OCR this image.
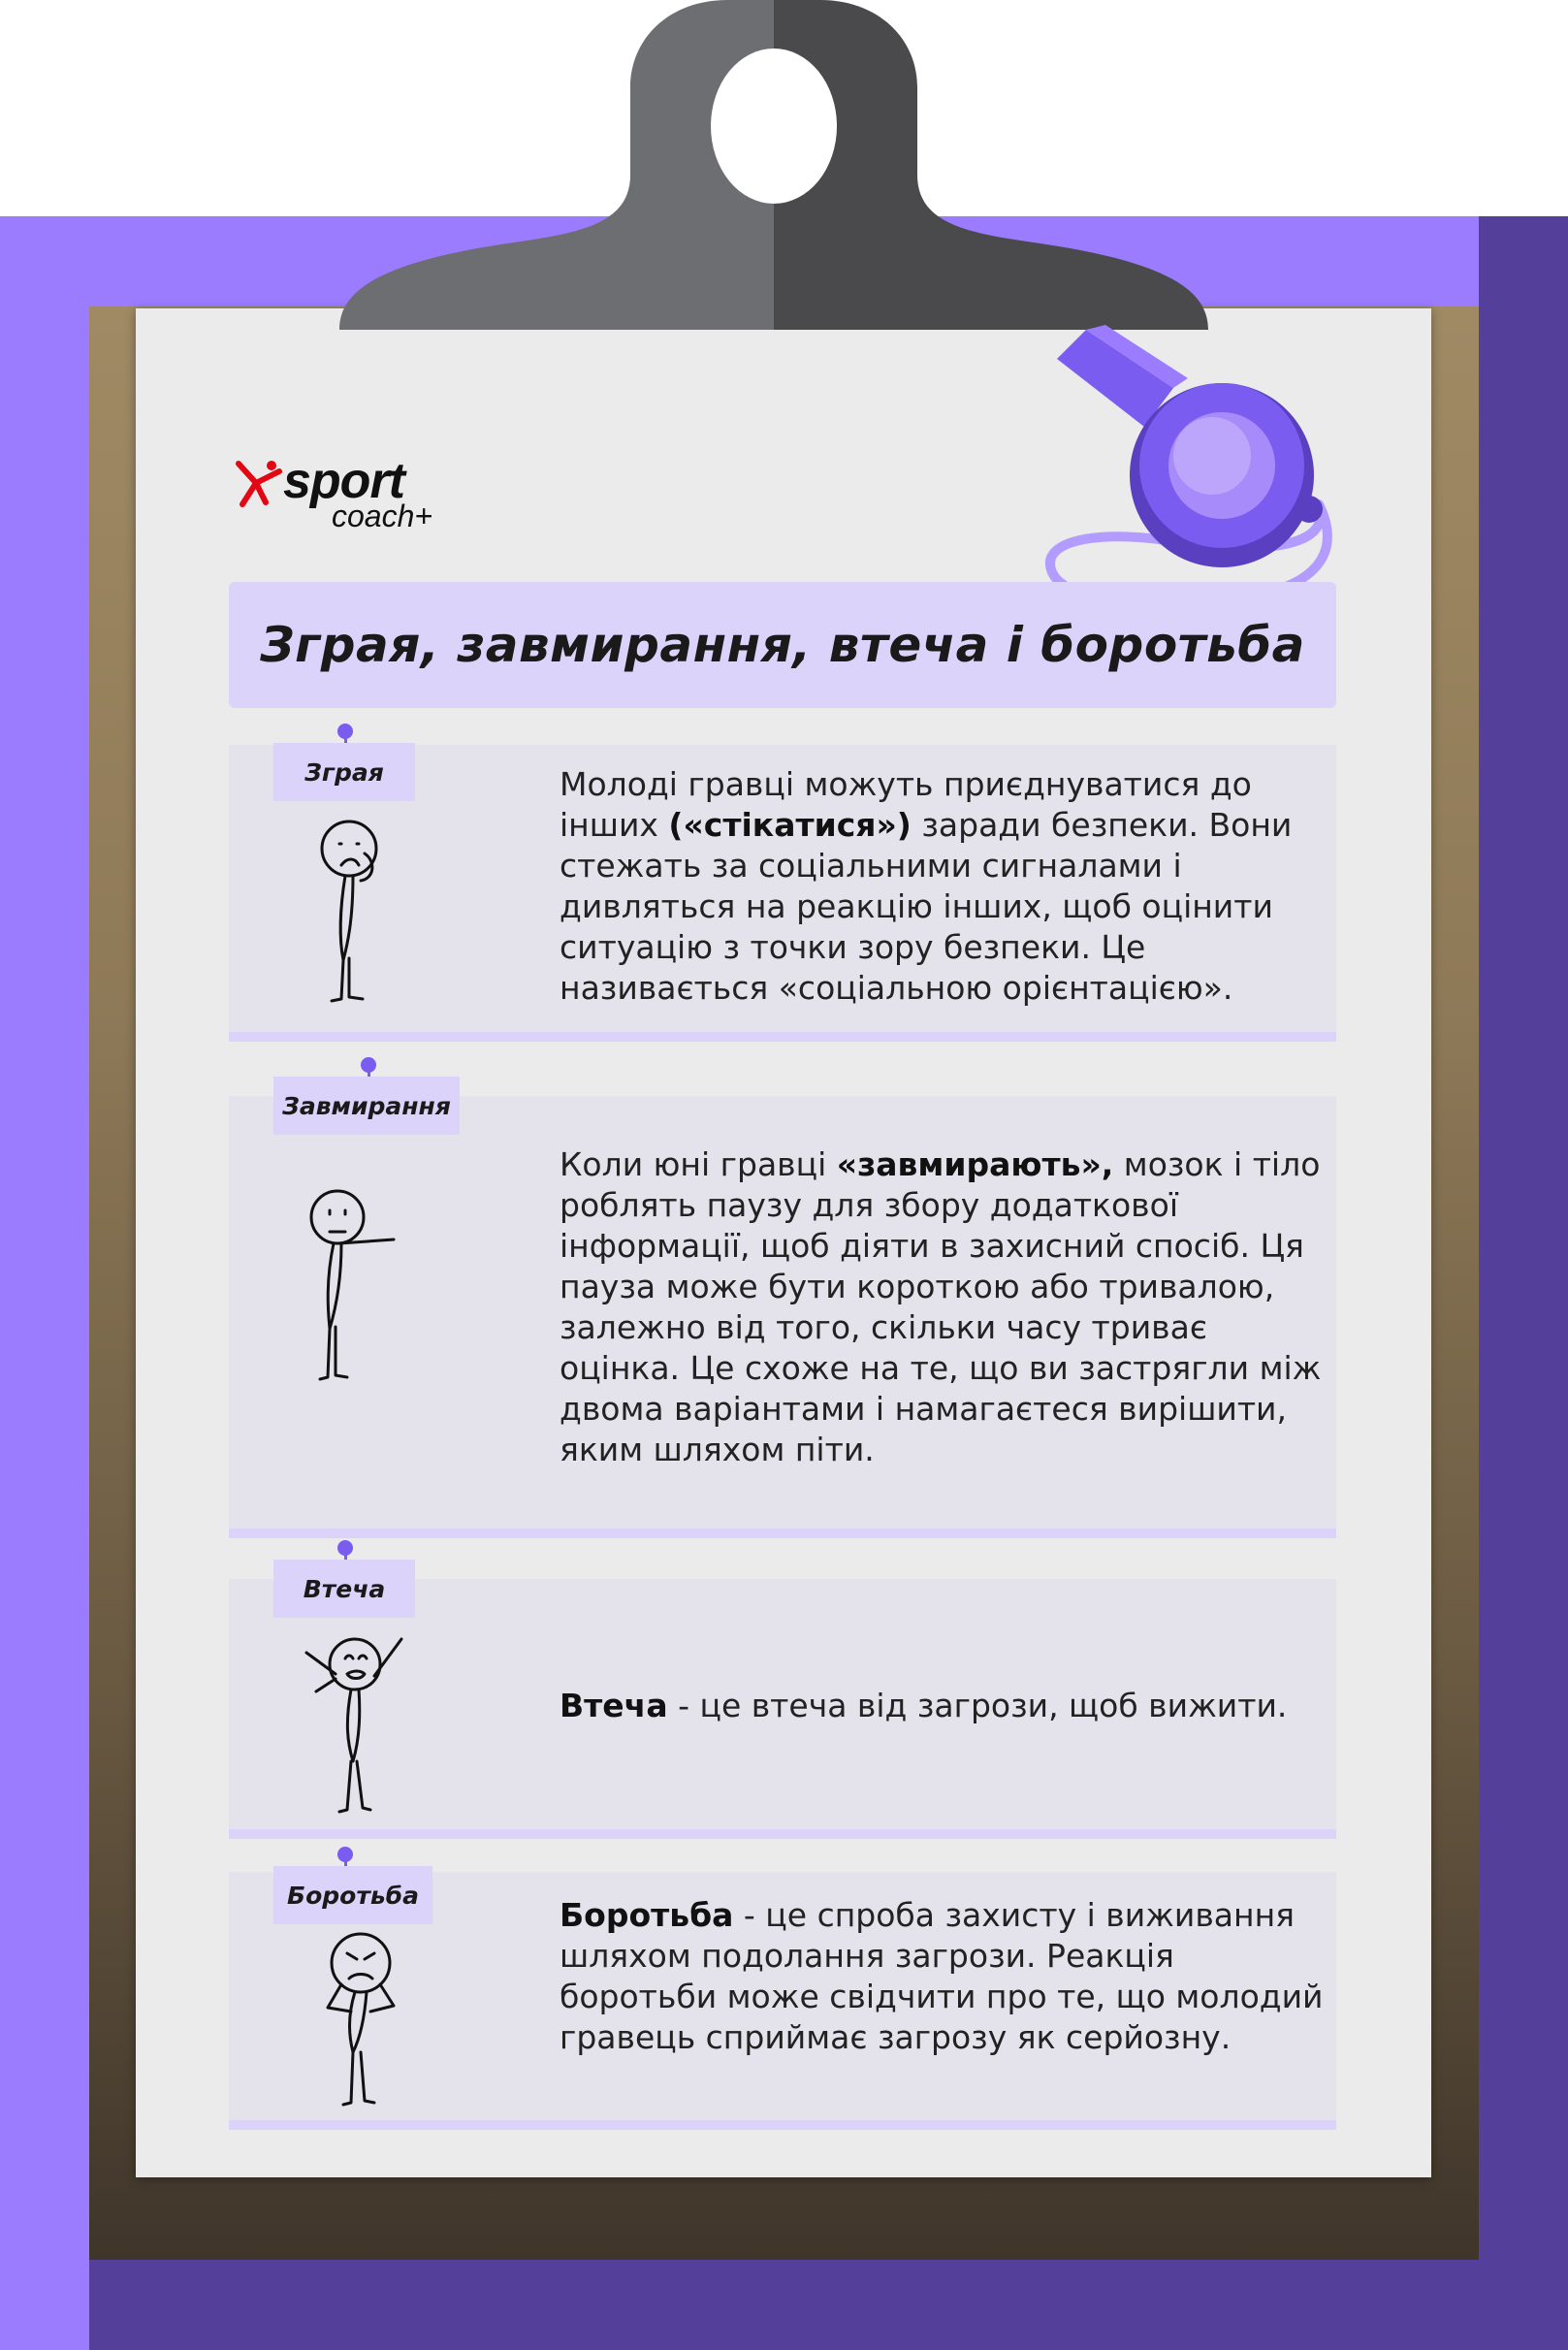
sport
coach+
Зграя, завмирання, втеча і боротьба
Зграя	Молоді гравці можуть приєднуватися до інших («стікатися») заради безпеки. Вони стежать за соціальними сигналами і дивляться на реакцію інших, щоб оцінити ситуацію з точки зору безпеки. Це називається «соціальною орієнтацією».

Завмирання

Коли юні гравці «завмирають», мозок і тіло роблять паузу для збору додаткової інформації, щоб діяти в захисний спосіб. Ця пауза може бути короткою або тривалою, залежно від того, скільки часу триває оцінка. Це схоже на те, що ви застрягли між двома варіантами і намагаєтеся вирішити, яким шляхом піти.

Втеча

Втеча - це втеча від загрози, щоб вижити.

Боротьба

Боротьба - це спроба захисту і виживання шляхом подолання загрози. Реакція боротьби може свідчити про те, що молодий гравець сприймає загрозу як серйозну.
